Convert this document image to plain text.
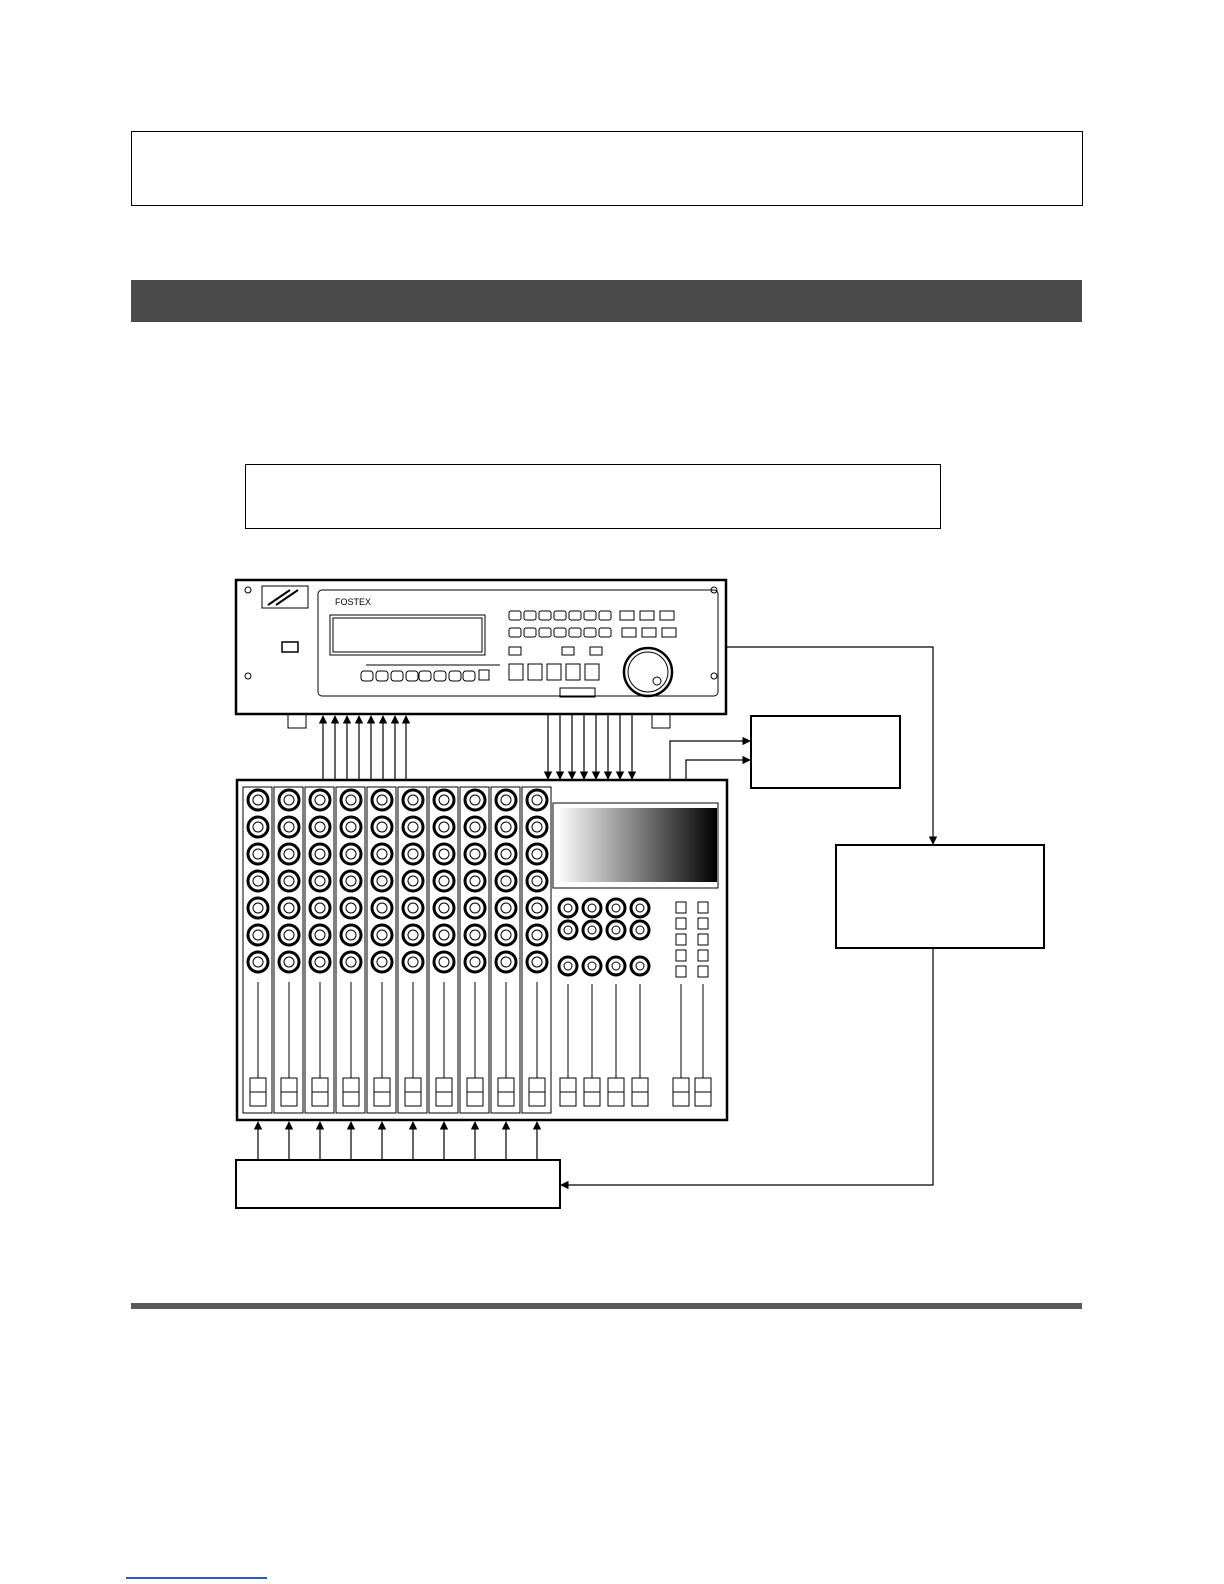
FOSTEX
